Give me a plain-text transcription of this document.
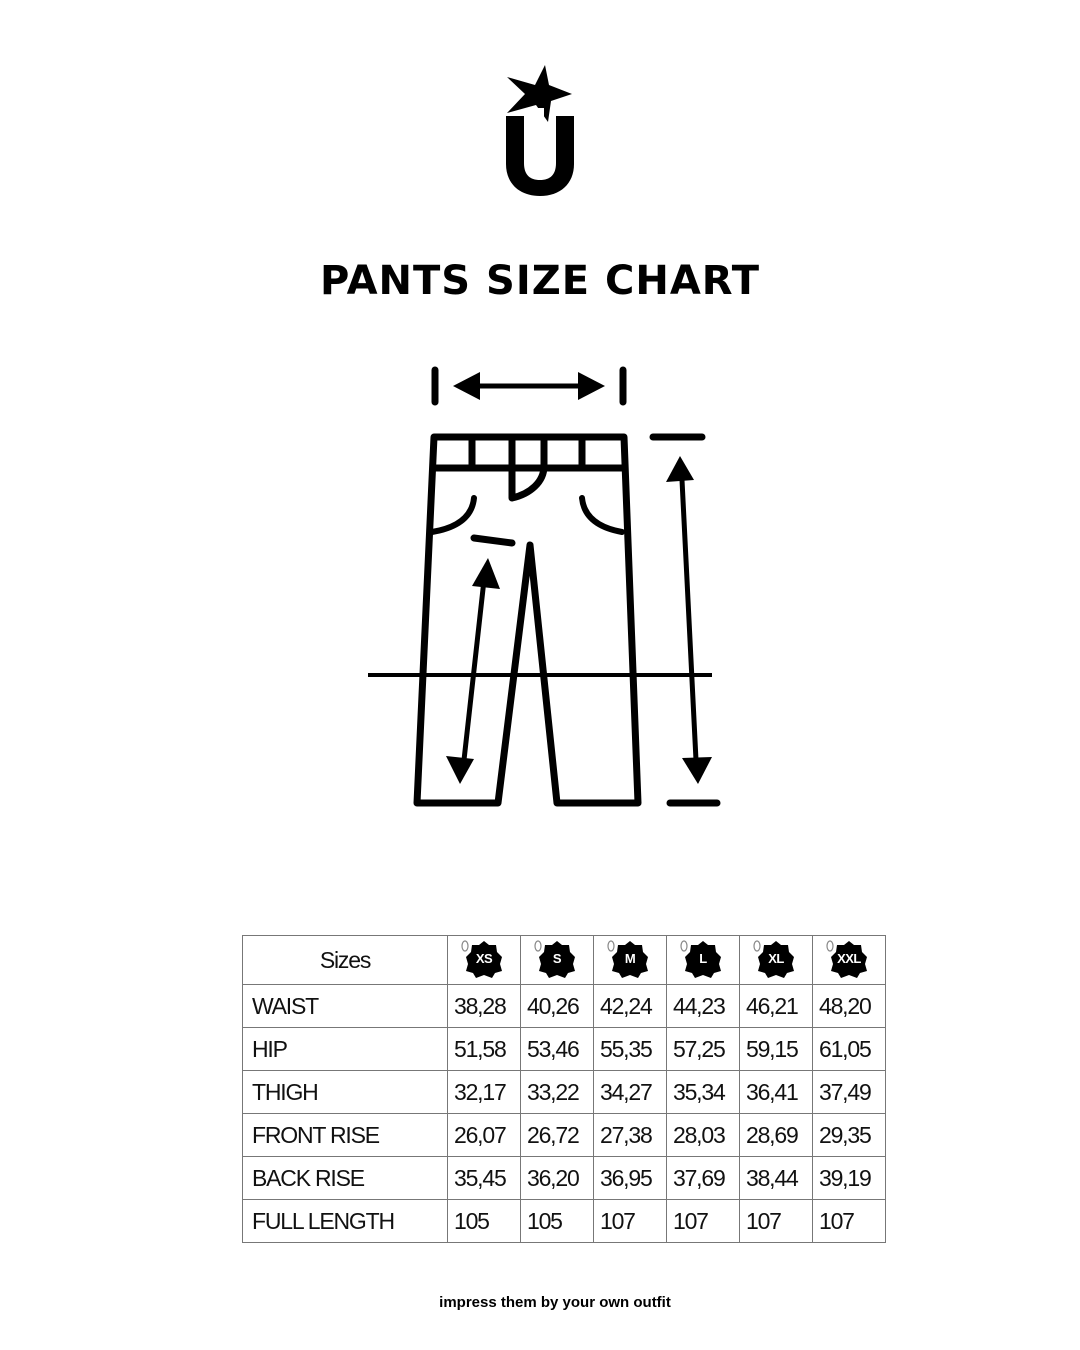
PANTS SIZE CHART
Sizes	XS	S	M	L	XL	XXL

WAIST	38,28	40,26	42,24	44,23	46,21	48,20
HIP	51,58	53,46	55,35	57,25	59,15	61,05
THIGH	32,17	33,22	34,27	35,34	36,41	37,49
FRONT RISE	26,07	26,72	27,38	28,03	28,69	29,35
BACK RISE	35,45	36,20	36,95	37,69	38,44	39,19
FULL LENGTH	105	105	107	107	107	107

impress them by your own outfit
